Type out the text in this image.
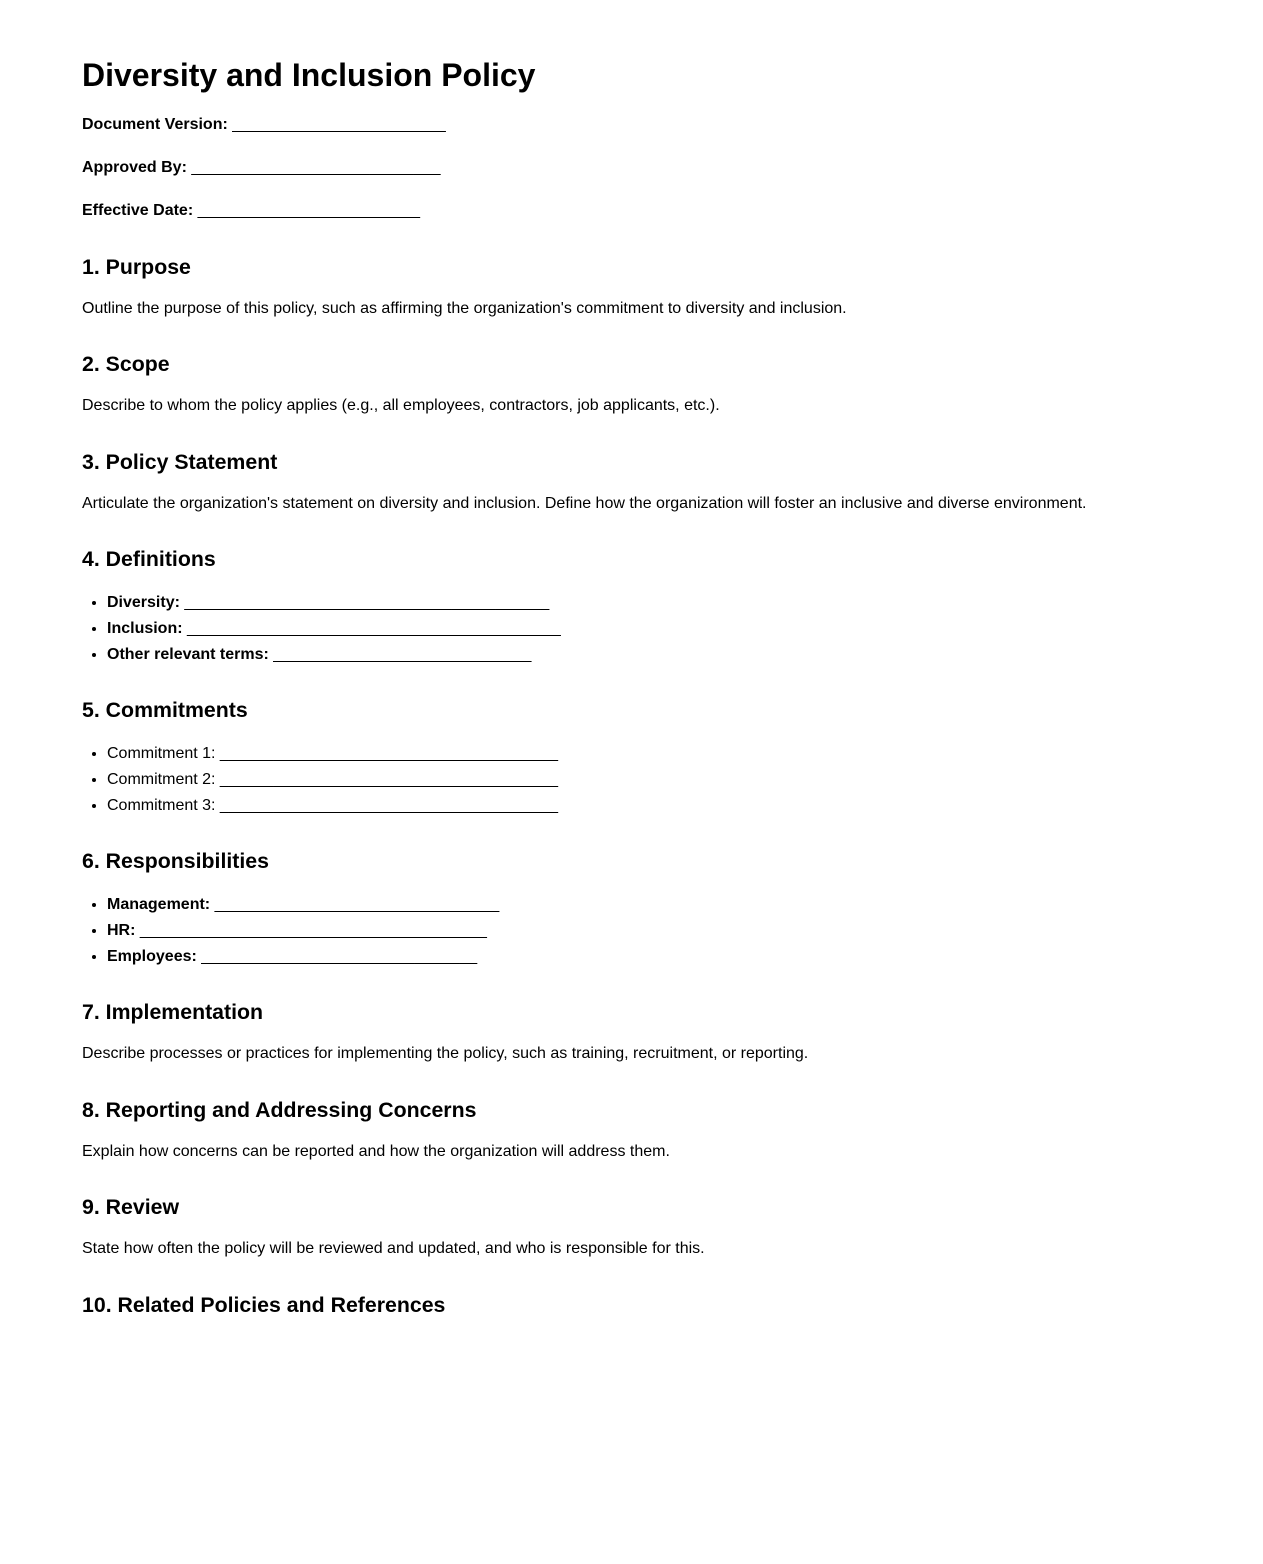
Diversity and Inclusion Policy

Document Version: ________________________

Approved By: ____________________________

Effective Date: _________________________

1. Purpose

Outline the purpose of this policy, such as affirming the organization's commitment to diversity and inclusion.

2. Scope

Describe to whom the policy applies (e.g., all employees, contractors, job applicants, etc.).

3. Policy Statement

Articulate the organization's statement on diversity and inclusion. Define how the organization will foster an inclusive and diverse environment.

4. Definitions
• Diversity: _________________________________________
• Inclusion: __________________________________________
• Other relevant terms: _____________________________
5. Commitments
• Commitment 1: ______________________________________
• Commitment 2: ______________________________________
• Commitment 3: ______________________________________
6. Responsibilities
• Management: ________________________________
• HR: _______________________________________
• Employees: _______________________________
7. Implementation

Describe processes or practices for implementing the policy, such as training, recruitment, or reporting.

8. Reporting and Addressing Concerns

Explain how concerns can be reported and how the organization will address them.

9. Review

State how often the policy will be reviewed and updated, and who is responsible for this.

10. Related Policies and References
